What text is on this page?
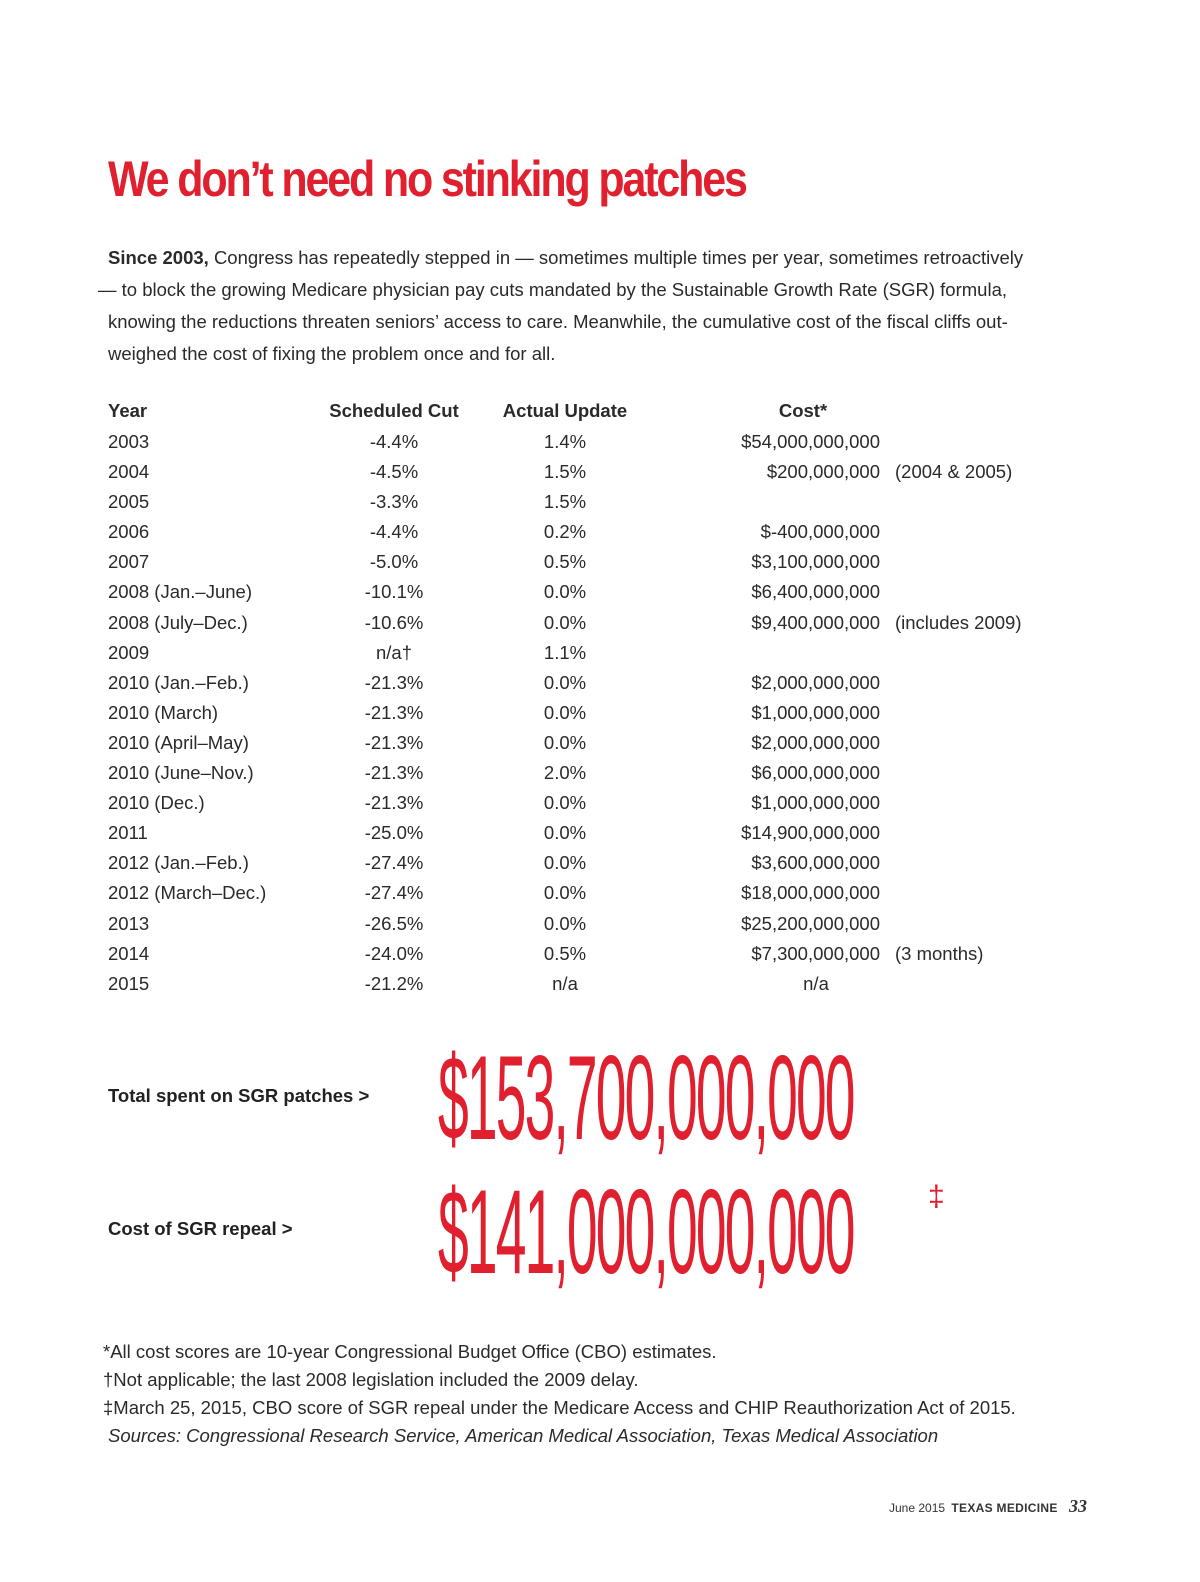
We don’t need no stinking patches
Since 2003, Congress has repeatedly stepped in — sometimes multiple times per year, sometimes retroactively
— to block the growing Medicare physician pay cuts mandated by the Sustainable Growth Rate (SGR) formula,
knowing the reductions threaten seniors’ access to care. Meanwhile, the cumulative cost of the fiscal cliffs out-
weighed the cost of fixing the problem once and for all.
Year	Scheduled Cut	Actual Update	Cost*
2003	-4.4%	1.4%	$54,000,000,000
2004	-4.5%	1.5%	$200,000,000 (2004 & 2005)
2005	-3.3%	1.5%
2006	-4.4%	0.2%	$-400,000,000
2007	-5.0%	0.5%	$3,100,000,000
2008 (Jan.–June)	-10.1%	0.0%	$6,400,000,000
2008 (July–Dec.)	-10.6%	0.0%	$9,400,000,000 (includes 2009)
2009	n/a†	1.1%
2010 (Jan.–Feb.)	-21.3%	0.0%	$2,000,000,000
2010 (March)	-21.3%	0.0%	$1,000,000,000
2010 (April–May)	-21.3%	0.0%	$2,000,000,000
2010 (June–Nov.)	-21.3%	2.0%	$6,000,000,000
2010 (Dec.)	-21.3%	0.0%	$1,000,000,000
2011	-25.0%	0.0%	$14,900,000,000
2012 (Jan.–Feb.)	-27.4%	0.0%	$3,600,000,000
2012 (March–Dec.)	-27.4%	0.0%	$18,000,000,000
2013	-26.5%	0.0%	$25,200,000,000
2014	-24.0%	0.5%	$7,300,000,000 (3 months)
2015	-21.2%	n/a	n/a
Total spent on SGR patches > $153,700,000,000
Cost of SGR repeal > $141,000,000,000 ‡
*All cost scores are 10-year Congressional Budget Office (CBO) estimates.
†Not applicable; the last 2008 legislation included the 2009 delay.
‡March 25, 2015, CBO score of SGR repeal under the Medicare Access and CHIP Reauthorization Act of 2015.
Sources: Congressional Research Service, American Medical Association, Texas Medical Association
June 2015 TEXAS MEDICINE 33
